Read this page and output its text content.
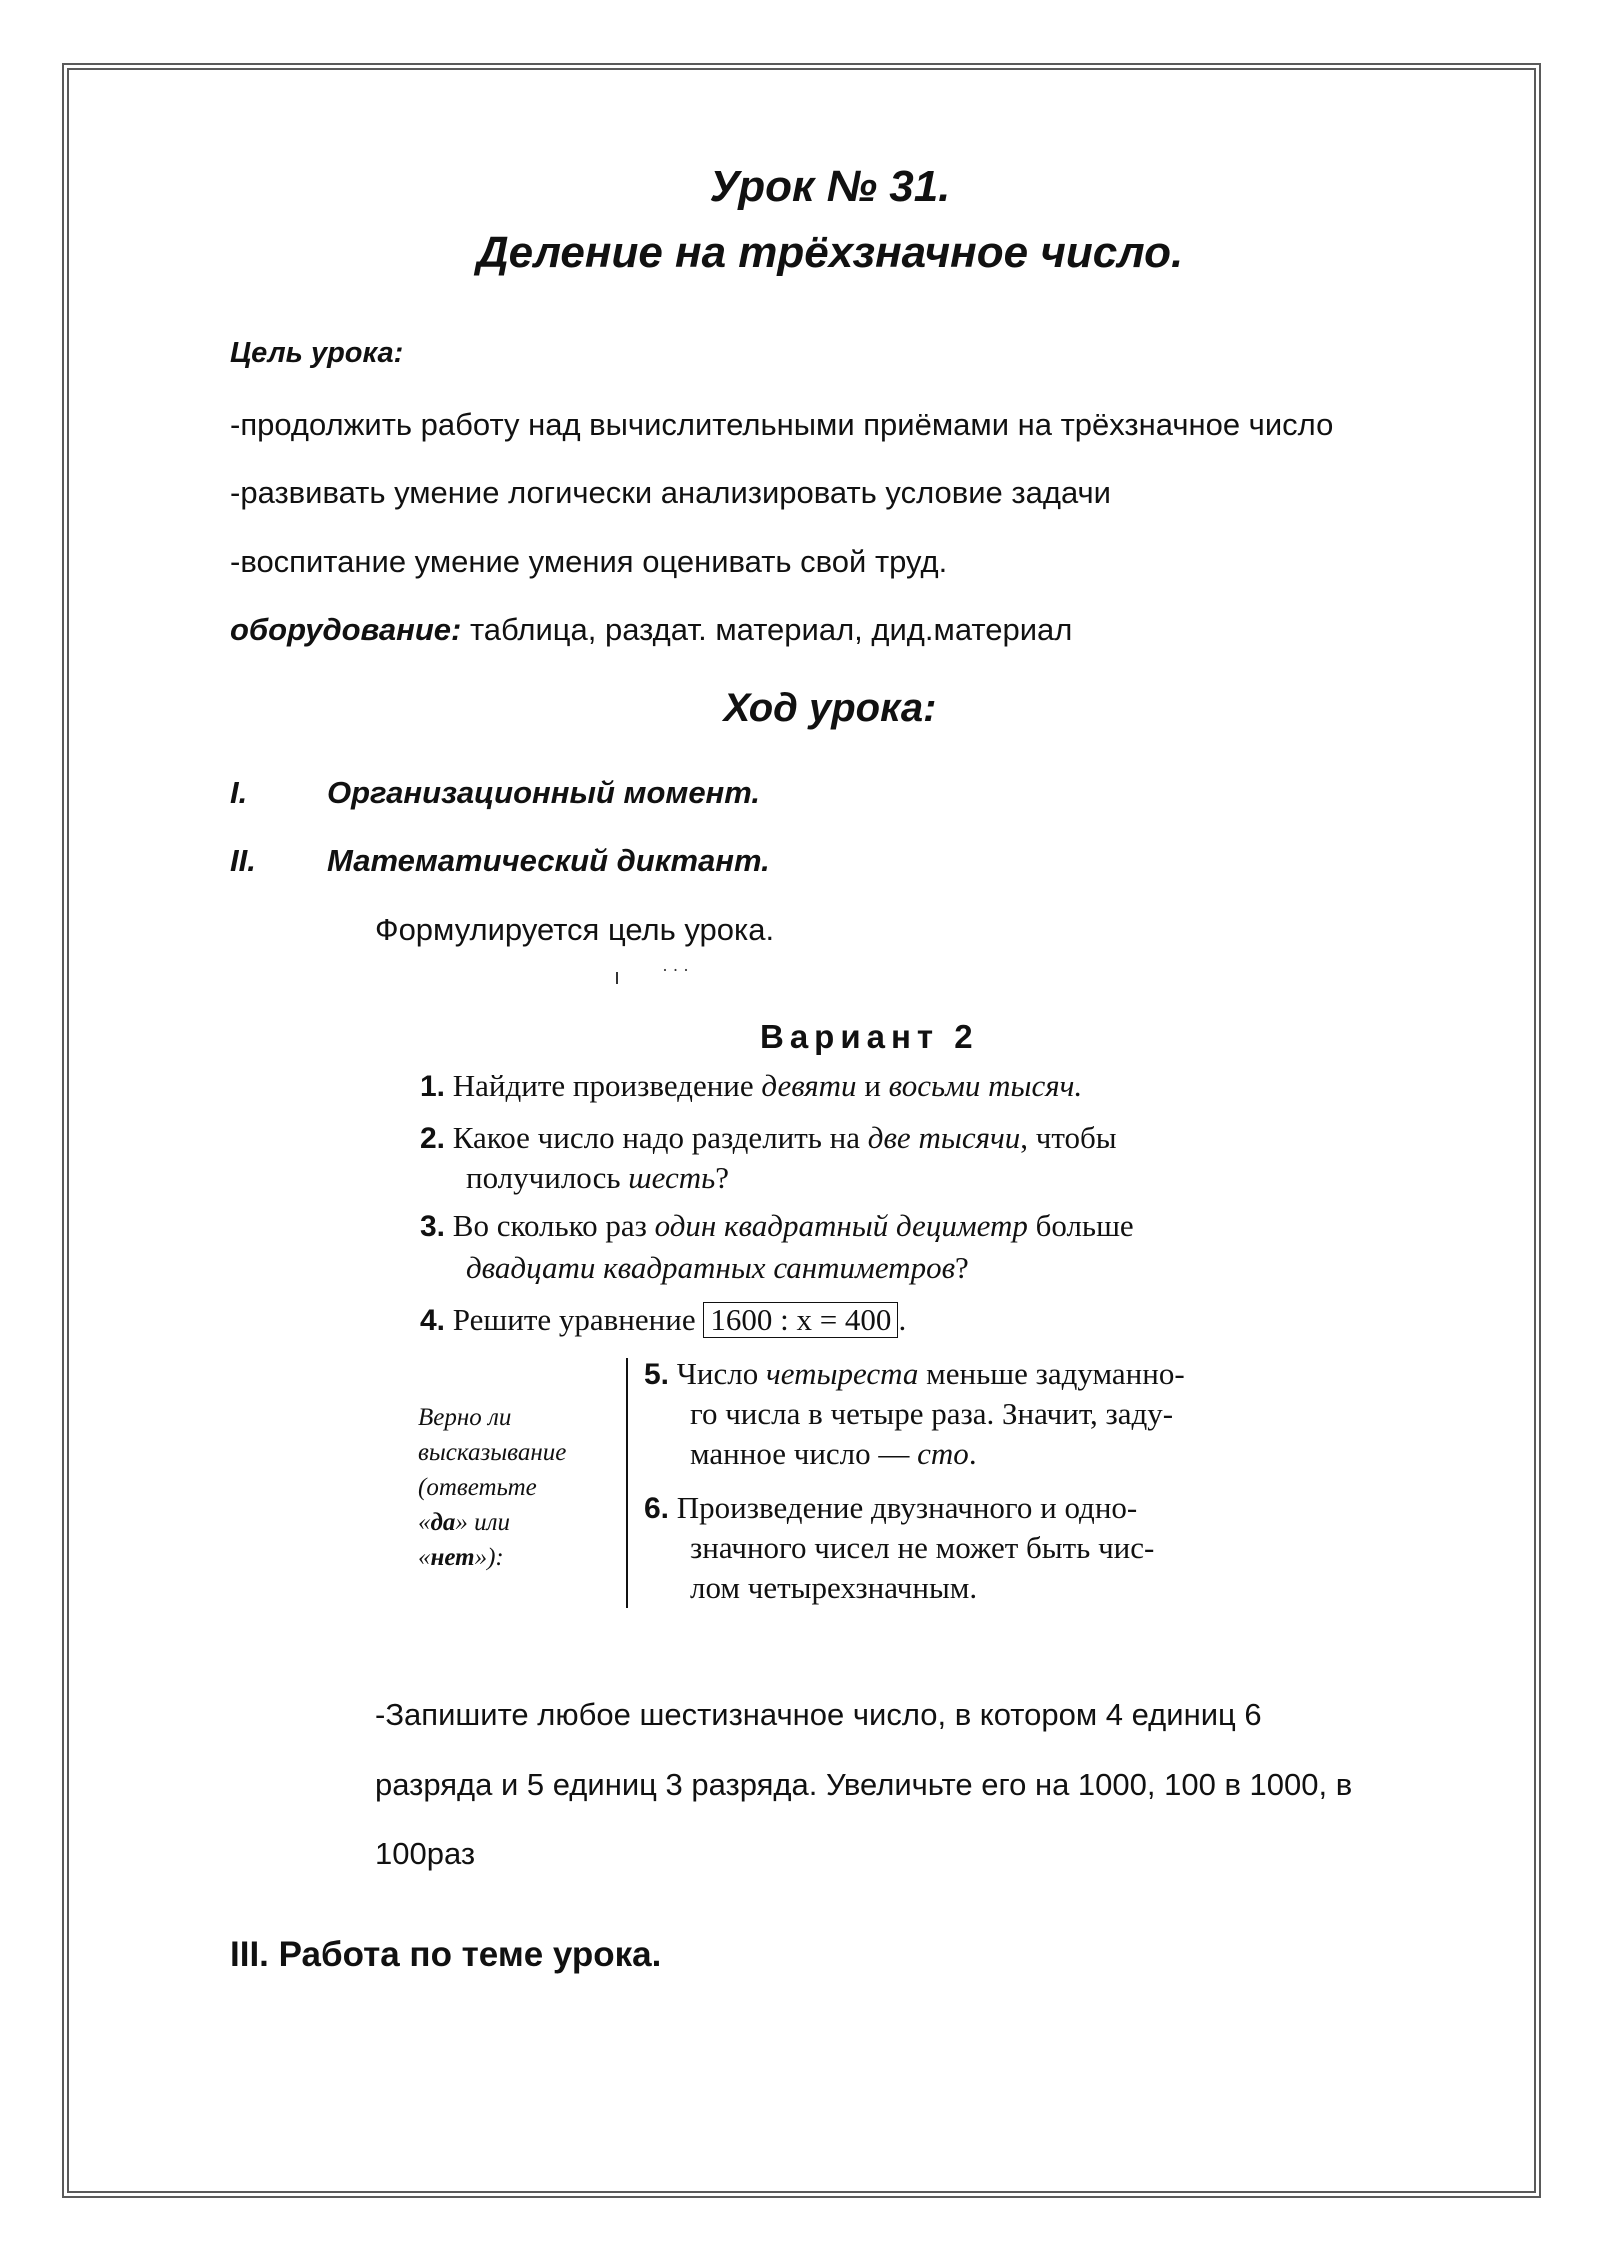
Урок № 31.
Деление на трёхзначное число.
Цель урока:
-продолжить работу над вычислительными приёмами на трёхзначное число
-развивать умение логически анализировать условие задачи
-воспитание умение умения оценивать свой труд.
оборудование: таблица, раздат. материал, дид.материал
Ход урока:
I.	Организационный момент.
II. Математический диктант.
Формулируется цель урока.
· · ·
Вариант 2
1. Найдите произведение девяти и восьми тысяч.
2. Какое число надо разделить на две тысячи, чтобы
получилось шесть?
3. Во сколько раз один квадратный дециметр больше
двадцати квадратных сантиметров?
4. Решите уравнение 1600 : x = 400 .
Верно ли
высказывание
(ответьте
«да» или
«нет»):
5. Число четыреста меньше задуманно-
го числа в четыре раза. Значит, заду-
манное число — сто.
6. Произведение двузначного и одно-
значного чисел не может быть чис-
лом четырехзначным.
-Запишите любое шестизначное число, в котором 4 единиц 6
разряда и 5 единиц 3 разряда. Увеличьте его на 1000, 100 в 1000, в
100раз
III. Работа по теме урока.
